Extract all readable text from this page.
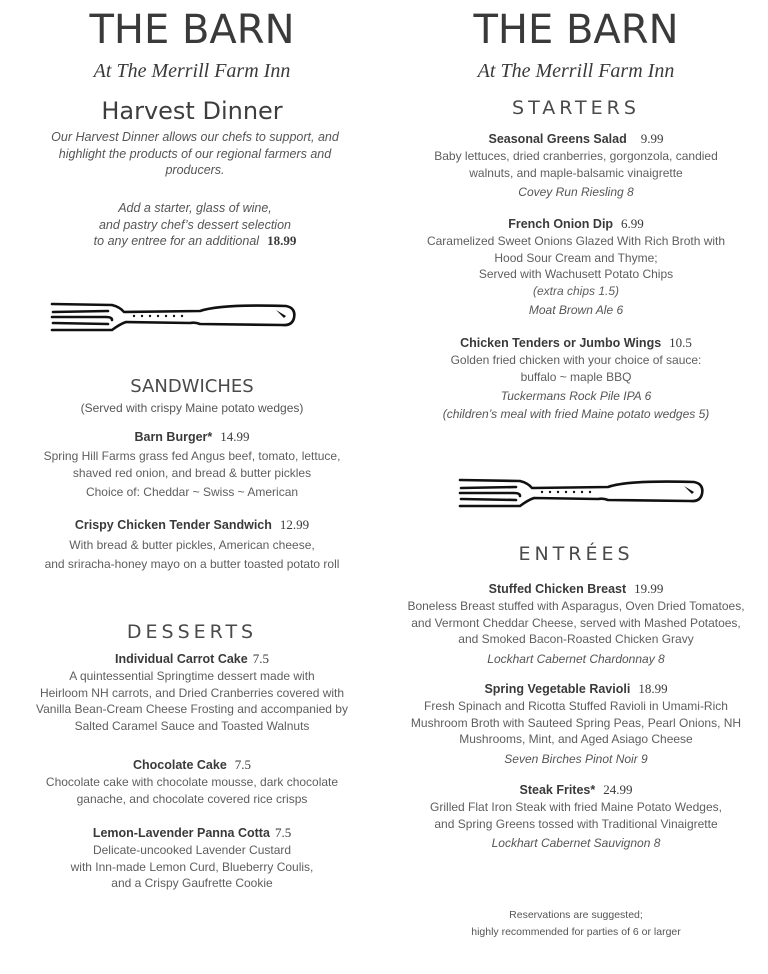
THE BARN
At The Merrill Farm Inn
Harvest Dinner
Our Harvest Dinner allows our chefs to support, and
highlight the products of our regional farmers and
producers.
Add a starter, glass of wine,
and pastry chef’s dessert selection
to any entree for an additional 18.99
SANDWICHES
(Served with crispy Maine potato wedges)
Barn Burger* 14.99
Spring Hill Farms grass fed Angus beef, tomato, lettuce,
shaved red onion, and bread & butter pickles
Choice of: Cheddar ~ Swiss ~ American
Crispy Chicken Tender Sandwich 12.99
With bread & butter pickles, American cheese,
and sriracha-honey mayo on a butter toasted potato roll
DESSERTS
Individual Carrot Cake 7.5
A quintessential Springtime dessert made with
Heirloom NH carrots, and Dried Cranberries covered with
Vanilla Bean-Cream Cheese Frosting and accompanied by
Salted Caramel Sauce and Toasted Walnuts
Chocolate Cake 7.5
Chocolate cake with chocolate mousse, dark chocolate
ganache, and chocolate covered rice crisps
Lemon-Lavender Panna Cotta 7.5
Delicate-uncooked Lavender Custard
with Inn-made Lemon Curd, Blueberry Coulis,
and a Crispy Gaufrette Cookie
THE BARN
At The Merrill Farm Inn
STARTERS
Seasonal Greens Salad 9.99
Baby lettuces, dried cranberries, gorgonzola, candied
walnuts, and maple-balsamic vinaigrette
Covey Run Riesling 8
French Onion Dip 6.99
Caramelized Sweet Onions Glazed With Rich Broth with
Hood Sour Cream and Thyme;
Served with Wachusett Potato Chips
(extra chips 1.5)
Moat Brown Ale 6
Chicken Tenders or Jumbo Wings 10.5
Golden fried chicken with your choice of sauce:
buffalo ~ maple BBQ
Tuckermans Rock Pile IPA 6
(children’s meal with fried Maine potato wedges 5)
ENTRÉES
Stuffed Chicken Breast 19.99
Boneless Breast stuffed with Asparagus, Oven Dried Tomatoes,
and Vermont Cheddar Cheese, served with Mashed Potatoes,
and Smoked Bacon-Roasted Chicken Gravy
Lockhart Cabernet Chardonnay 8
Spring Vegetable Ravioli 18.99
Fresh Spinach and Ricotta Stuffed Ravioli in Umami-Rich
Mushroom Broth with Sauteed Spring Peas, Pearl Onions, NH
Mushrooms, Mint, and Aged Asiago Cheese
Seven Birches Pinot Noir 9
Steak Frites* 24.99
Grilled Flat Iron Steak with fried Maine Potato Wedges,
and Spring Greens tossed with Traditional Vinaigrette
Lockhart Cabernet Sauvignon 8
Reservations are suggested;
highly recommended for parties of 6 or larger
